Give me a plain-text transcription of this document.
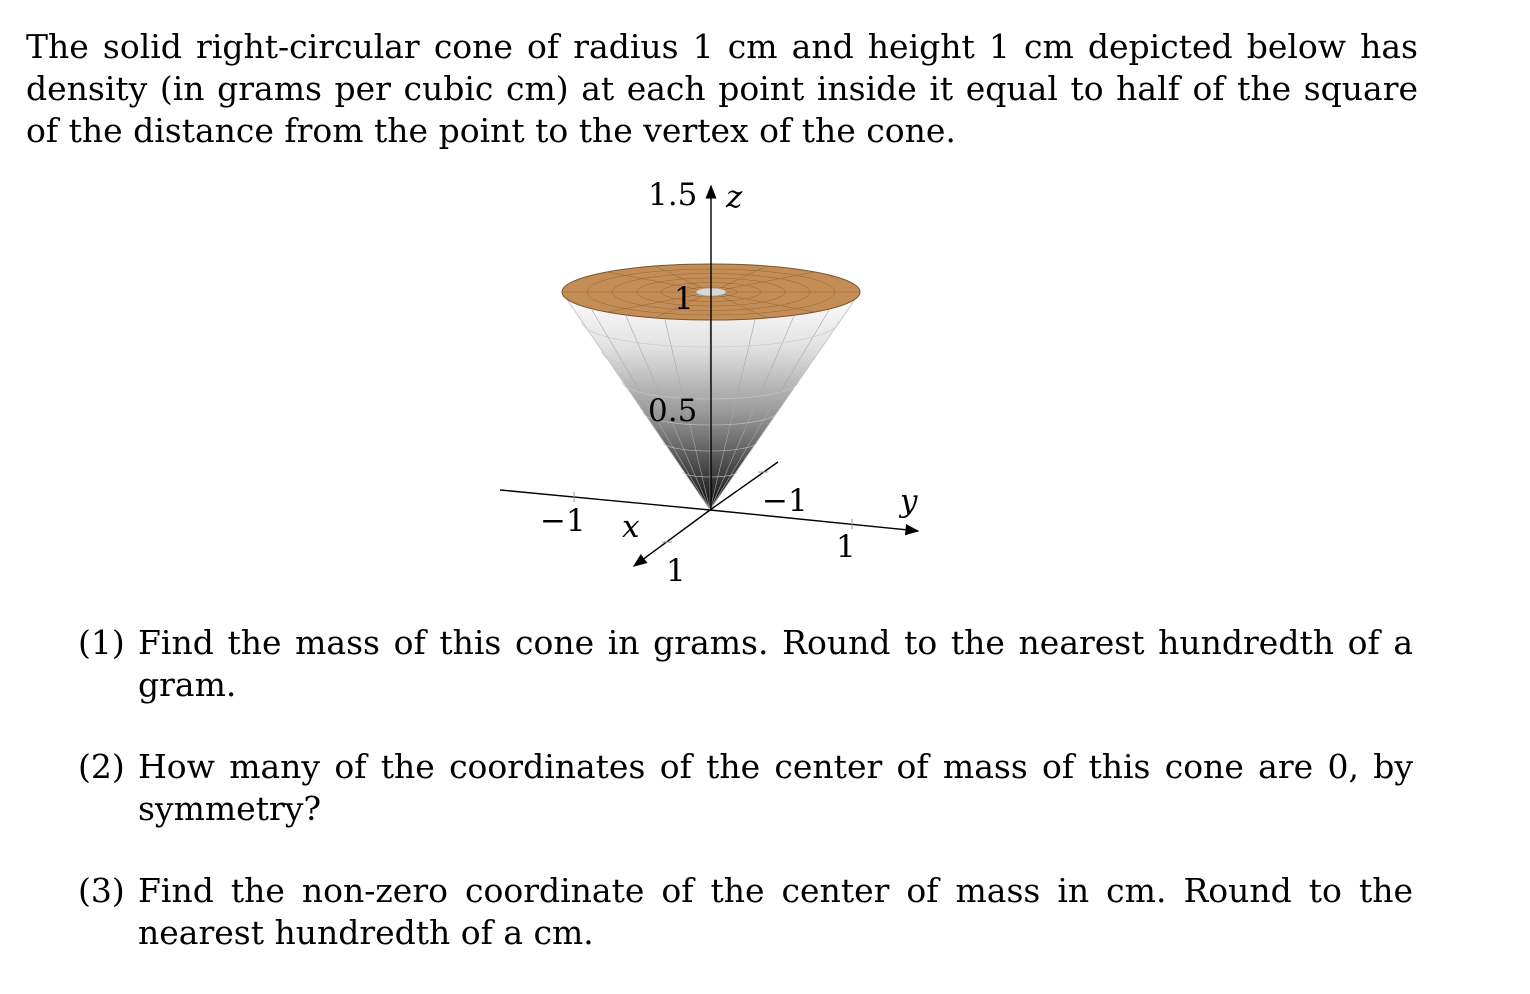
The solid right-circular cone of radius 1 cm and height 1 cm depicted below has density (in grams per cubic cm) at each point inside it equal to half of the square of the distance from the point to the vertex of the cone.
1.5 z
1
0.5
−1	y
−1 x
1
1
(1) Find the mass of this cone in grams. Round to the nearest hundredth of a gram.
(2) How many of the coordinates of the center of mass of this cone are 0, by symmetry?
(3) Find the non-zero coordinate of the center of mass in cm. Round to the nearest hundredth of a cm.
